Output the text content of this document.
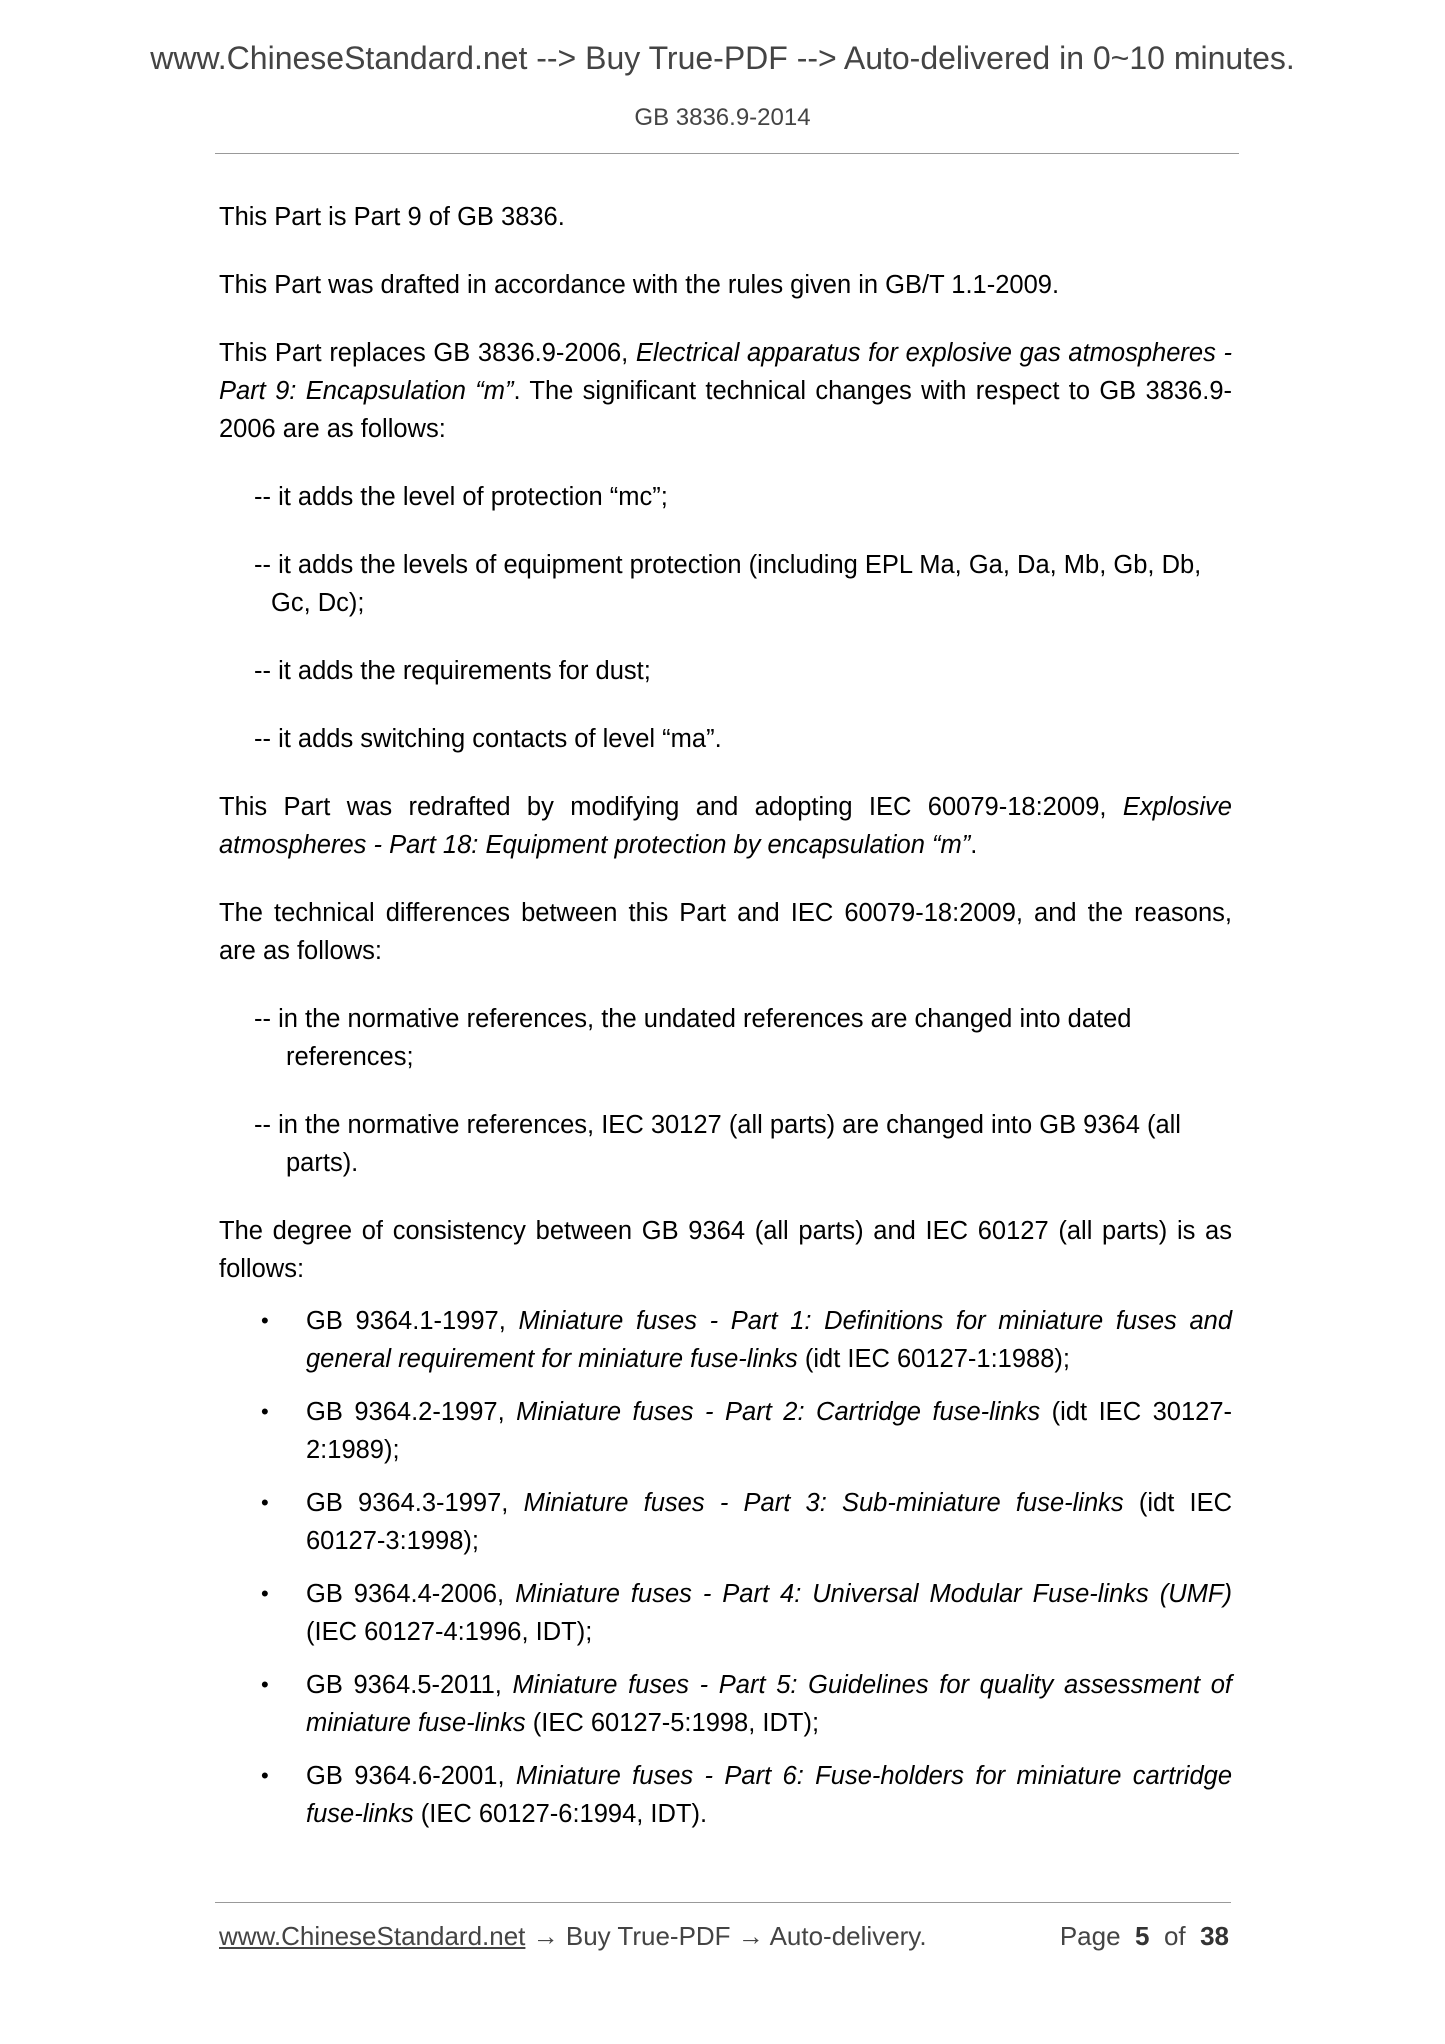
www.ChineseStandard.net --> Buy True-PDF --> Auto-delivered in 0~10 minutes.
GB 3836.9-2014

This Part is Part 9 of GB 3836.

This Part was drafted in accordance with the rules given in GB/T 1.1-2009.

This Part replaces GB 3836.9-2006, Electrical apparatus for explosive gas atmospheres - Part 9: Encapsulation “m”. The significant technical changes with respect to GB 3836.9-2006 are as follows:

-- it adds the level of protection “mc”;

-- it adds the levels of equipment protection (including EPL Ma, Ga, Da, Mb, Gb, Db,
Gc, Dc);

-- it adds the requirements for dust;

-- it adds switching contacts of level “ma”.

This Part was redrafted by modifying and adopting IEC 60079-18:2009, Explosive atmospheres - Part 18: Equipment protection by encapsulation “m”.

The technical differences between this Part and IEC 60079-18:2009, and the reasons, are as follows:

-- in the normative references, the undated references are changed into dated
references;

-- in the normative references, IEC 30127 (all parts) are changed into GB 9364 (all
parts).

The degree of consistency between GB 9364 (all parts) and IEC 60127 (all parts) is as follows:

• GB 9364.1-1997, Miniature fuses - Part 1: Definitions for miniature fuses and general requirement for miniature fuse-links (idt IEC 60127-1:1988);
• GB 9364.2-1997, Miniature fuses - Part 2: Cartridge fuse-links (idt IEC 30127-2:1989);
• GB 9364.3-1997, Miniature fuses - Part 3: Sub-miniature fuse-links (idt IEC 60127-3:1998);
• GB 9364.4-2006, Miniature fuses - Part 4: Universal Modular Fuse-links (UMF) (IEC 60127-4:1996, IDT);
• GB 9364.5-2011, Miniature fuses - Part 5: Guidelines for quality assessment of miniature fuse-links (IEC 60127-5:1998, IDT);
• GB 9364.6-2001, Miniature fuses - Part 6: Fuse-holders for miniature cartridge fuse-links (IEC 60127-6:1994, IDT).
www.ChineseStandard.net → Buy True-PDF → Auto-delivery.	Page 5 of 38
